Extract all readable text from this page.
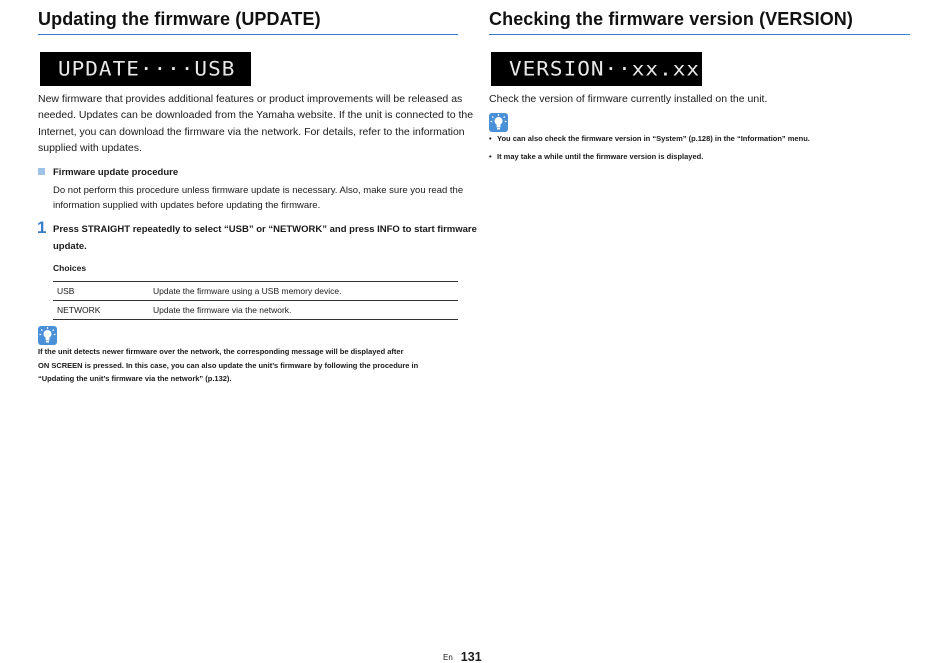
Updating the firmware (UPDATE)
UPDATE····USB
New firmware that provides additional features or product improvements will be released as
needed. Updates can be downloaded from the Yamaha website. If the unit is connected to the
Internet, you can download the firmware via the network. For details, refer to the information
supplied with updates.
Firmware update procedure
Do not perform this procedure unless firmware update is necessary. Also, make sure you read the
information supplied with updates before updating the firmware.
1 Press STRAIGHT repeatedly to select “USB” or “NETWORK” and press INFO to start firmware
update.
Choices
USB	Update the firmware using a USB memory device.
NETWORK	Update the firmware via the network.
If the unit detects newer firmware over the network, the corresponding message will be displayed after
ON SCREEN is pressed. In this case, you can also update the unit’s firmware by following the procedure in
“Updating the unit’s firmware via the network” (p.132).
Checking the firmware version (VERSION)
VERSION··xx.xx
Check the version of firmware currently installed on the unit.
• You can also check the firmware version in “System” (p.128) in the “Information” menu.
• It may take a while until the firmware version is displayed.
En 131
